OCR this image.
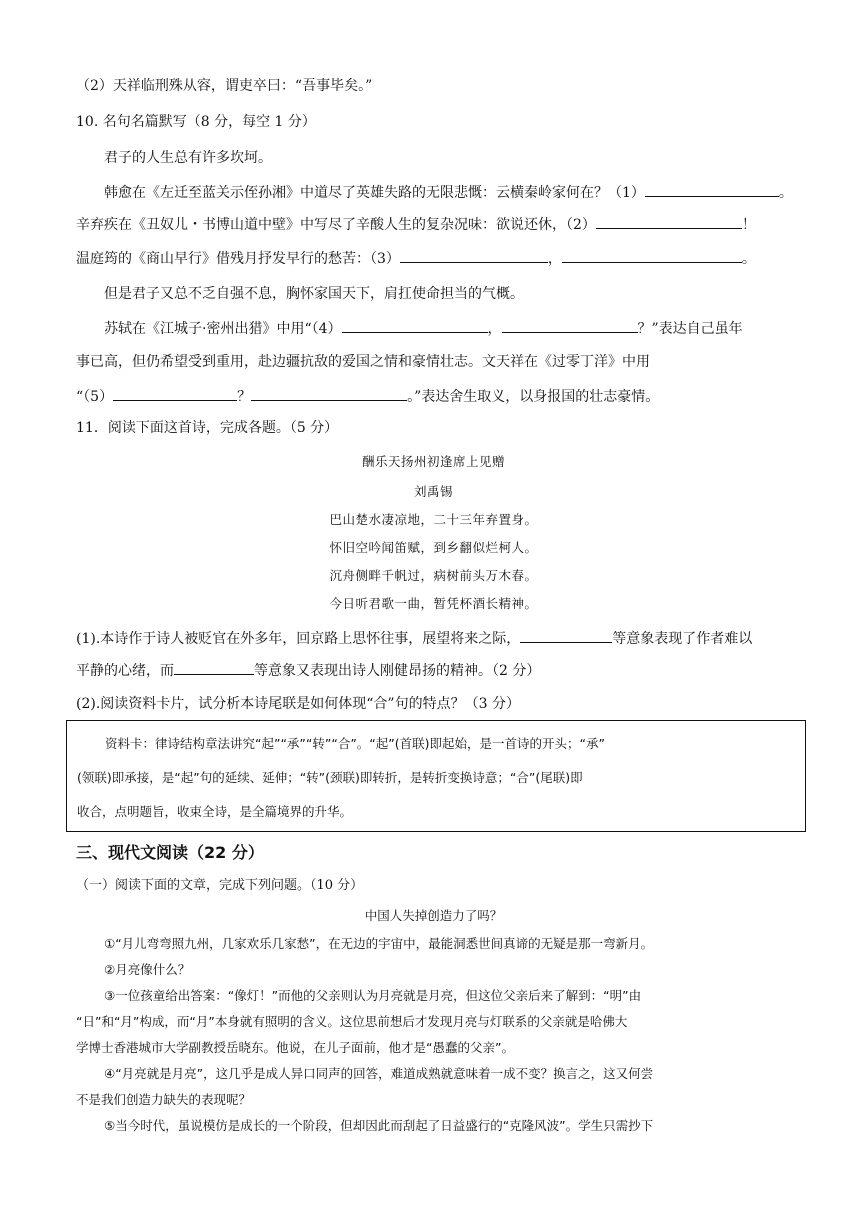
（2）天祥临刑殊从容，谓吏卒曰：“吾事毕矣。”
10. 名句名篇默写（8 分，每空 1 分）
君子的人生总有许多坎坷。
韩愈在《左迁至蓝关示侄孙湘》中道尽了英雄失路的无限悲慨：云横秦岭家何在？（1）	。
辛弃疾在《丑奴儿・书博山道中壁》中写尽了辛酸人生的复杂况味：欲说还休，（2）	！
温庭筠的《商山早行》借残月抒发早行的愁苦：（3）	，	。
但是君子又总不乏自强不息，胸怀家国天下，肩扛使命担当的气概。
苏轼在《江城子·密州出猎》中用“（4）	，	？”表达自己虽年
事已高，但仍希望受到重用，赴边疆抗敌的爱国之情和豪情壮志。文天祥在《过零丁洋》中用
“（5）	？	。”表达舍生取义，以身报国的壮志豪情。
11．阅读下面这首诗，完成各题。（5 分）
酬乐天扬州初逢席上见赠
刘禹锡
巴山楚水凄凉地，二十三年弃置身。
怀旧空吟闻笛赋，到乡翻似烂柯人。
沉舟侧畔千帆过，病树前头万木春。
今日听君歌一曲，暂凭杯酒长精神。
(1).本诗作于诗人被贬官在外多年，回京路上思怀往事，展望将来之际，	等意象表现了作者难以
平静的心绪，而	等意象又表现出诗人刚健昂扬的精神。（2 分）
(2).阅读资料卡片，试分析本诗尾联是如何体现“合”句的特点？（3 分）
资料卡：律诗结构章法讲究“起”“承”“转”“合”。“起”(首联)即起始，是一首诗的开头；“承”
(领联)即承接，是“起”句的延续、延伸；“转”(颈联)即转折，是转折变换诗意；“合”(尾联)即
收合，点明题旨，收束全诗，是全篇境界的升华。
三、现代文阅读（22 分）
（一）阅读下面的文章，完成下列问题。（10 分）
中国人失掉创造力了吗？
①“月儿弯弯照九州，几家欢乐几家愁”，在无边的宇宙中，最能洞悉世间真谛的无疑是那一弯新月。
②月亮像什么？
③一位孩童给出答案：“像灯！”而他的父亲则认为月亮就是月亮，但这位父亲后来了解到：“明”由
“日”和“月”构成，而“月”本身就有照明的含义。这位思前想后才发现月亮与灯联系的父亲就是哈佛大
学博士香港城市大学副教授岳晓东。他说，在儿子面前，他才是“愚蠢的父亲”。
④“月亮就是月亮”，这几乎是成人异口同声的回答，难道成熟就意味着一成不变？换言之，这又何尝
不是我们创造力缺失的表现呢？
⑤当今时代，虽说模仿是成长的一个阶段，但却因此而刮起了日益盛行的“克隆风波”。学生只需抄下
